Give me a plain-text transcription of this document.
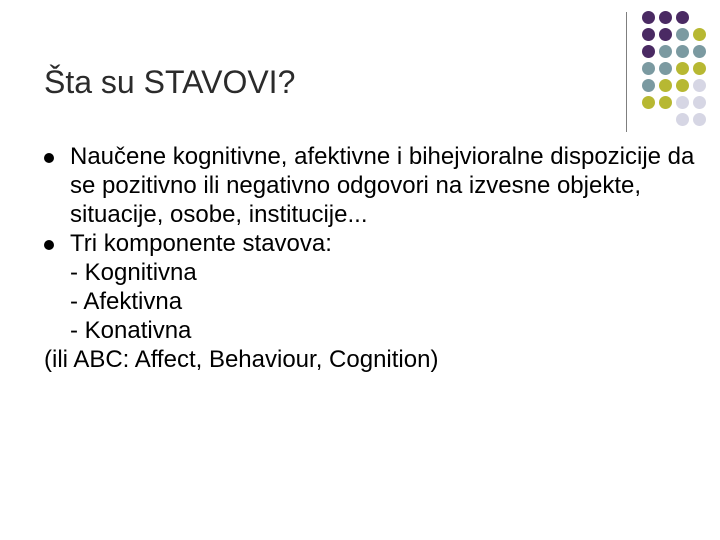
Šta su STAVOVI?

Naučene kognitivne, afektivne i bihejvioralne dispozicije da se pozitivno ili negativno odgovori na izvesne objekte, situacije, osobe, institucije...

Tri komponente stavova:

- Kognitivna

- Afektivna

- Konativna

(ili ABC: Affect, Behaviour, Cognition)
